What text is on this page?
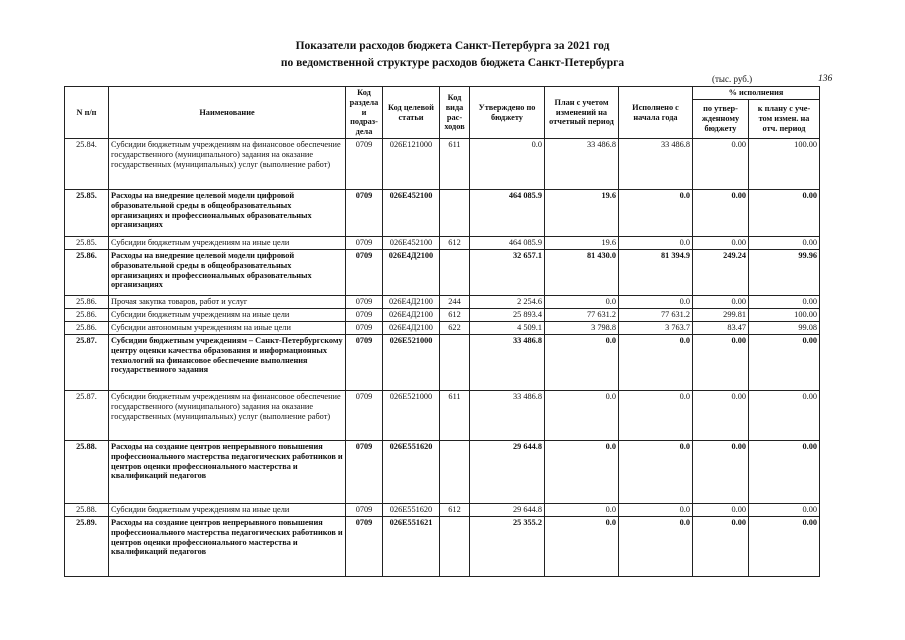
Показатели расходов бюджета Санкт-Петербурга за 2021 год
по ведомственной структуре расходов бюджета Санкт-Петербурга
(тыс. руб.)	136
N п/п	Наименование	Код раздела и подраз-дела	Код целевой статьи	Код вида рас-ходов	Утверждено по бюджету	План с учетом изменений на отчетный период	Исполнено с начала года	% исполнения	
								по утвер-жденному бюджету	к плану с уче-том измен. на отч. период
25.84.	Субсидии бюджетным учреждениям на финансовое обеспечение государственного (муниципального) задания на оказание государственных (муниципальных) услуг (выполнение работ)	0709	026E121000	611	0.0	33 486.8	33 486.8	0.00	100.00
25.85.	Расходы на внедрение целевой модели цифровой образовательной среды в общеобразовательных организациях и профессиональных образовательных организациях	0709	026E452100		464 085.9	19.6	0.0	0.00	0.00
25.85.	Субсидии бюджетным учреждениям на иные цели	0709	026E452100	612	464 085.9	19.6	0.0	0.00	0.00
25.86.	Расходы на внедрение целевой модели цифровой образовательной среды в общеобразовательных организациях и профессиональных образовательных организациях	0709	026E4Д2100		32 657.1	81 430.0	81 394.9	249.24	99.96
25.86.	Прочая закупка товаров, работ и услуг	0709	026E4Д2100	244	2 254.6	0.0	0.0	0.00	0.00
25.86.	Субсидии бюджетным учреждениям на иные цели	0709	026E4Д2100	612	25 893.4	77 631.2	77 631.2	299.81	100.00
25.86.	Субсидии автономным учреждениям на иные цели	0709	026E4Д2100	622	4 509.1	3 798.8	3 763.7	83.47	99.08
25.87.	Субсидии бюджетным учреждениям – Санкт-Петербургскому центру оценки качества образования и информационных технологий на финансовое обеспечение выполнения государственного задания	0709	026E521000		33 486.8	0.0	0.0	0.00	0.00
25.87.	Субсидии бюджетным учреждениям на финансовое обеспечение государственного (муниципального) задания на оказание государственных (муниципальных) услуг (выполнение работ)	0709	026E521000	611	33 486.8	0.0	0.0	0.00	0.00
25.88.	Расходы на создание центров непрерывного повышения профессионального мастерства педагогических работников и центров оценки профессионального мастерства и квалификаций педагогов	0709	026E551620		29 644.8	0.0	0.0	0.00	0.00
25.88.	Субсидии бюджетным учреждениям на иные цели	0709	026E551620	612	29 644.8	0.0	0.0	0.00	0.00
25.89.	Расходы на создание центров непрерывного повышения профессионального мастерства педагогических работников и центров оценки профессионального мастерства и квалификаций педагогов	0709	026E551621		25 355.2	0.0	0.0	0.00	0.00
